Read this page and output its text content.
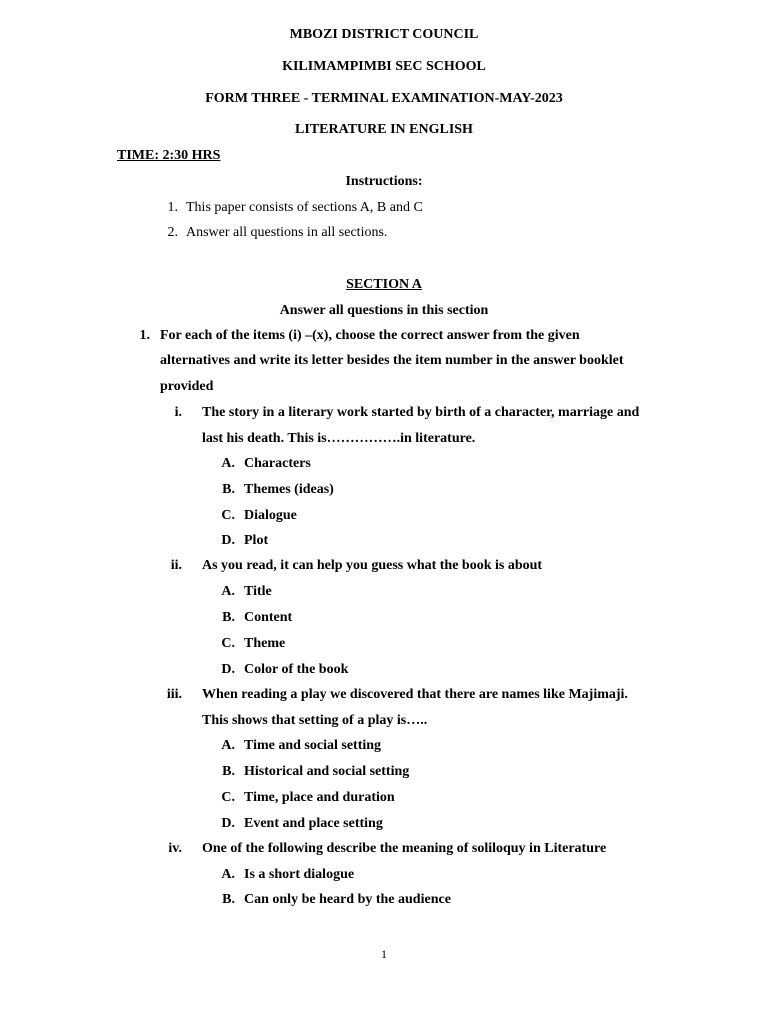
MBOZI DISTRICT COUNCIL
KILIMAMPIMBI SEC SCHOOL
FORM THREE - TERMINAL EXAMINATION-MAY-2023
LITERATURE IN ENGLISH
TIME: 2:30 HRS
Instructions:
1. This paper consists of sections A, B and C
2. Answer all questions in all sections.
SECTION A
Answer all questions in this section
1. For each of the items (i) –(x), choose the correct answer from the given
alternatives and write its letter besides the item number in the answer booklet
provided
i. The story in a literary work started by birth of a character, marriage and
last his death. This is…………….in literature.
A. Characters
B. Themes (ideas)
C. Dialogue
D. Plot
ii. As you read, it can help you guess what the book is about
A. Title
B. Content
C. Theme
D. Color of the book
iii. When reading a play we discovered that there are names like Majimaji.
This shows that setting of a play is…..
A. Time and social setting
B. Historical and social setting
C. Time, place and duration
D. Event and place setting
iv. One of the following describe the meaning of soliloquy in Literature
A. Is a short dialogue
B. Can only be heard by the audience
1
